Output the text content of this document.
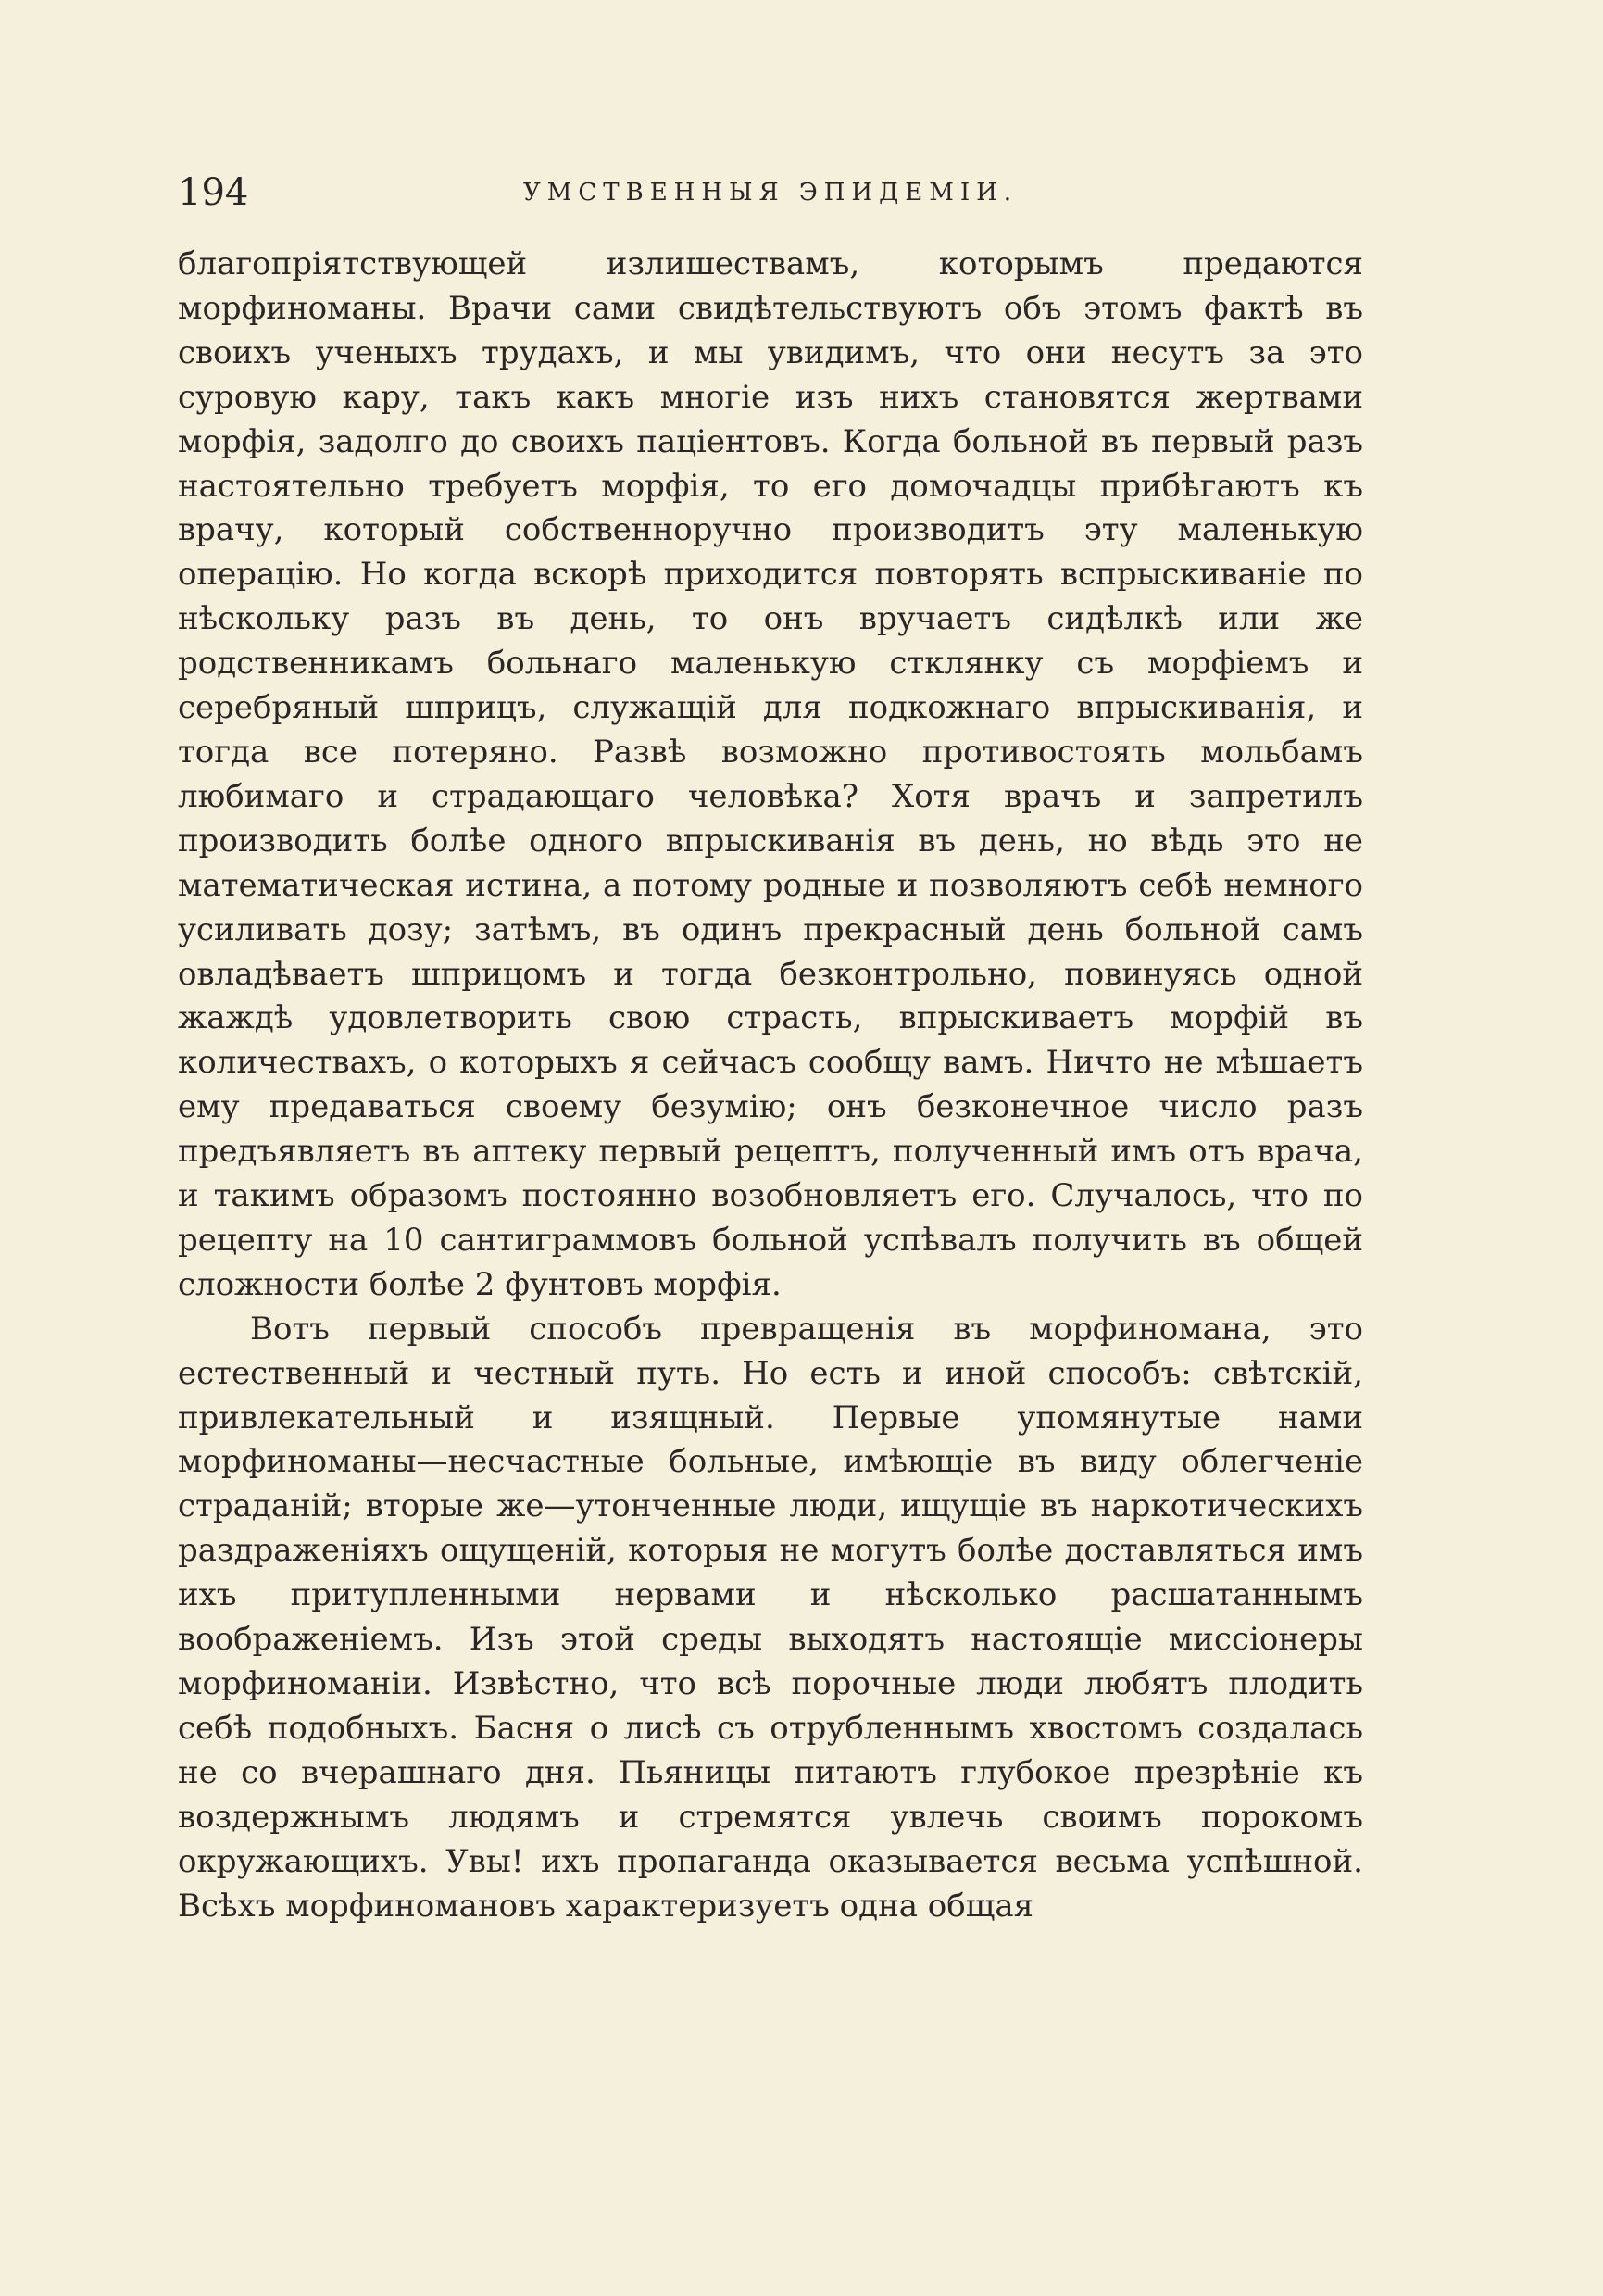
194	УМСТВЕННЫЯ ЭПИДЕМІИ.

благопріятствующей излишествамъ, которымъ предаются морфиноманы. Врачи сами свидѣтельствуютъ объ этомъ фактѣ въ своихъ ученыхъ трудахъ, и мы увидимъ, что они несутъ за это суровую кару, такъ какъ многіе изъ нихъ становятся жертвами морфія, задолго до своихъ паціентовъ. Когда больной въ первый разъ настоятельно требуетъ морфія, то его домочадцы прибѣгаютъ къ врачу, который собственноручно производитъ эту маленькую операцію. Но когда вскорѣ приходится повторять вспрыскиваніе по нѣскольку разъ въ день, то онъ вручаетъ сидѣлкѣ или же родственникамъ больнаго маленькую стклянку съ морфіемъ и серебряный шприцъ, служащій для подкожнаго впрыскиванія, и тогда все потеряно. Развѣ возможно противостоять мольбамъ любимаго и страдающаго человѣка? Хотя врачъ и запретилъ производить болѣе одного впрыскиванія въ день, но вѣдь это не математическая истина, а потому родные и позволяютъ себѣ немного усиливать дозу; затѣмъ, въ одинъ прекрасный день больной самъ овладѣваетъ шприцомъ и тогда безконтрольно, повинуясь одной жаждѣ удовлетворить свою страсть, впрыскиваетъ морфій въ количествахъ, о которыхъ я сейчасъ сообщу вамъ. Ничто не мѣшаетъ ему предаваться своему безумію; онъ безконечное число разъ предъявляетъ въ аптеку первый рецептъ, полученный имъ отъ врача, и такимъ образомъ постоянно возобновляетъ его. Случалось, что по рецепту на 10 сантиграммовъ больной успѣвалъ получить въ общей сложности болѣе 2 фунтовъ морфія.

Вотъ первый способъ превращенія въ морфиномана, это естественный и честный путь. Но есть и иной способъ: свѣтскій, привлекательный и изящный. Первые упомянутые нами морфиноманы—несчастные больные, имѣющіе въ виду облегченіе страданій; вторые же—утонченные люди, ищущіе въ наркотическихъ раздраженіяхъ ощущеній, которыя не могутъ болѣе доставляться имъ ихъ притупленными нервами и нѣсколько расшатаннымъ воображеніемъ. Изъ этой среды выходятъ настоящіе миссіонеры морфиноманіи. Извѣстно, что всѣ порочные люди любятъ плодить себѣ подобныхъ. Басня о лисѣ съ отрубленнымъ хвостомъ создалась не со вчерашнаго дня. Пьяницы питаютъ глубокое презрѣніе къ воздержнымъ людямъ и стремятся увлечь своимъ порокомъ окружающихъ. Увы! ихъ пропаганда оказывается весьма успѣшной. Всѣхъ морфиномановъ характеризуетъ одна общая
